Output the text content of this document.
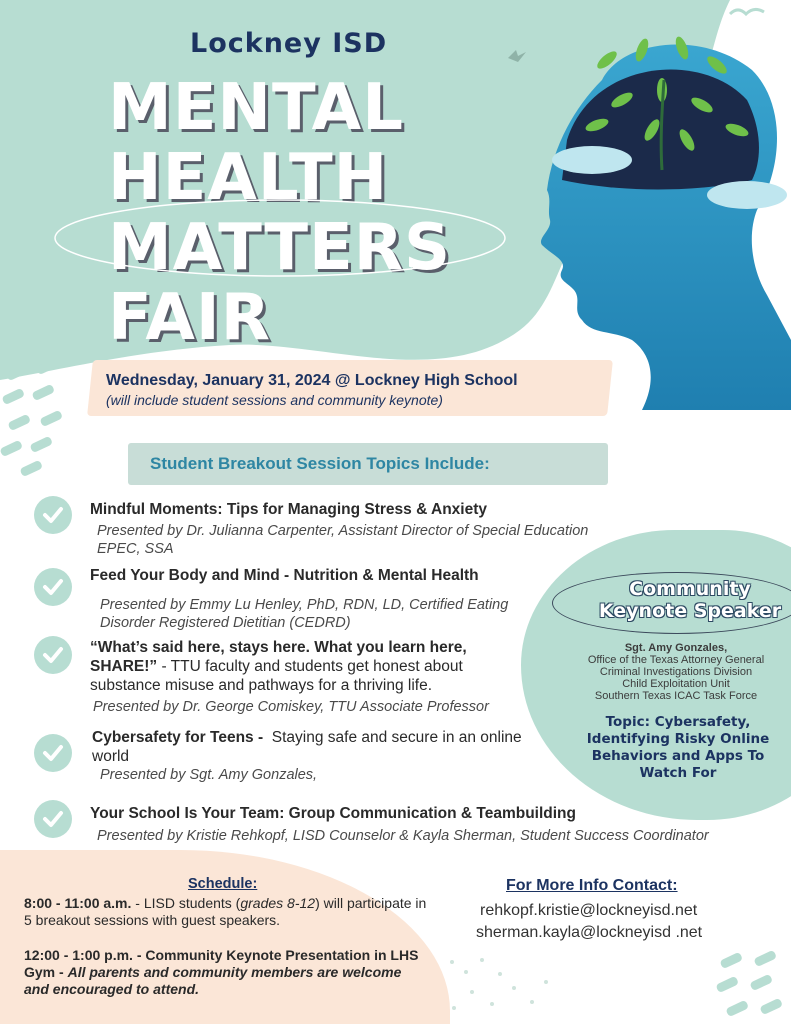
Lockney ISD
MENTAL
HEALTH
MATTERS
FAIR
Wednesday, January 31, 2024 @ Lockney High School
(will include student sessions and community keynote)
Student Breakout Session Topics Include:
Mindful Moments: Tips for Managing Stress & Anxiety
Presented by Dr. Julianna Carpenter, Assistant Director of Special Education EPEC, SSA
Feed Your Body and Mind - Nutrition & Mental Health
Presented by Emmy Lu Henley, PhD, RDN, LD, Certified Eating Disorder Registered Dietitian (CEDRD)
“What’s said here, stays here. What you learn here, SHARE!” - TTU faculty and students get honest about substance misuse and pathways for a thriving life.
Presented by Dr. George Comiskey, TTU Associate Professor
Cybersafety for Teens - Staying safe and secure in an online world
Presented by Sgt. Amy Gonzales,
Your School Is Your Team: Group Communication & Teambuilding
Presented by Kristie Rehkopf, LISD Counselor & Kayla Sherman, Student Success Coordinator
Community
Keynote Speaker
Sgt. Amy Gonzales,
Office of the Texas Attorney General
Criminal Investigations Division
Child Exploitation Unit
Southern Texas ICAC Task Force
Topic: Cybersafety, Identifying Risky Online Behaviors and Apps To Watch For
Schedule:
8:00 - 11:00 a.m. - LISD students (grades 8-12) will participate in 5 breakout sessions with guest speakers.
12:00 - 1:00 p.m. - Community Keynote Presentation in LHS Gym - All parents and community members are welcome and encouraged to attend.
For More Info Contact:
rehkopf.kristie@lockneyisd.net
sherman.kayla@lockneyisd .net
